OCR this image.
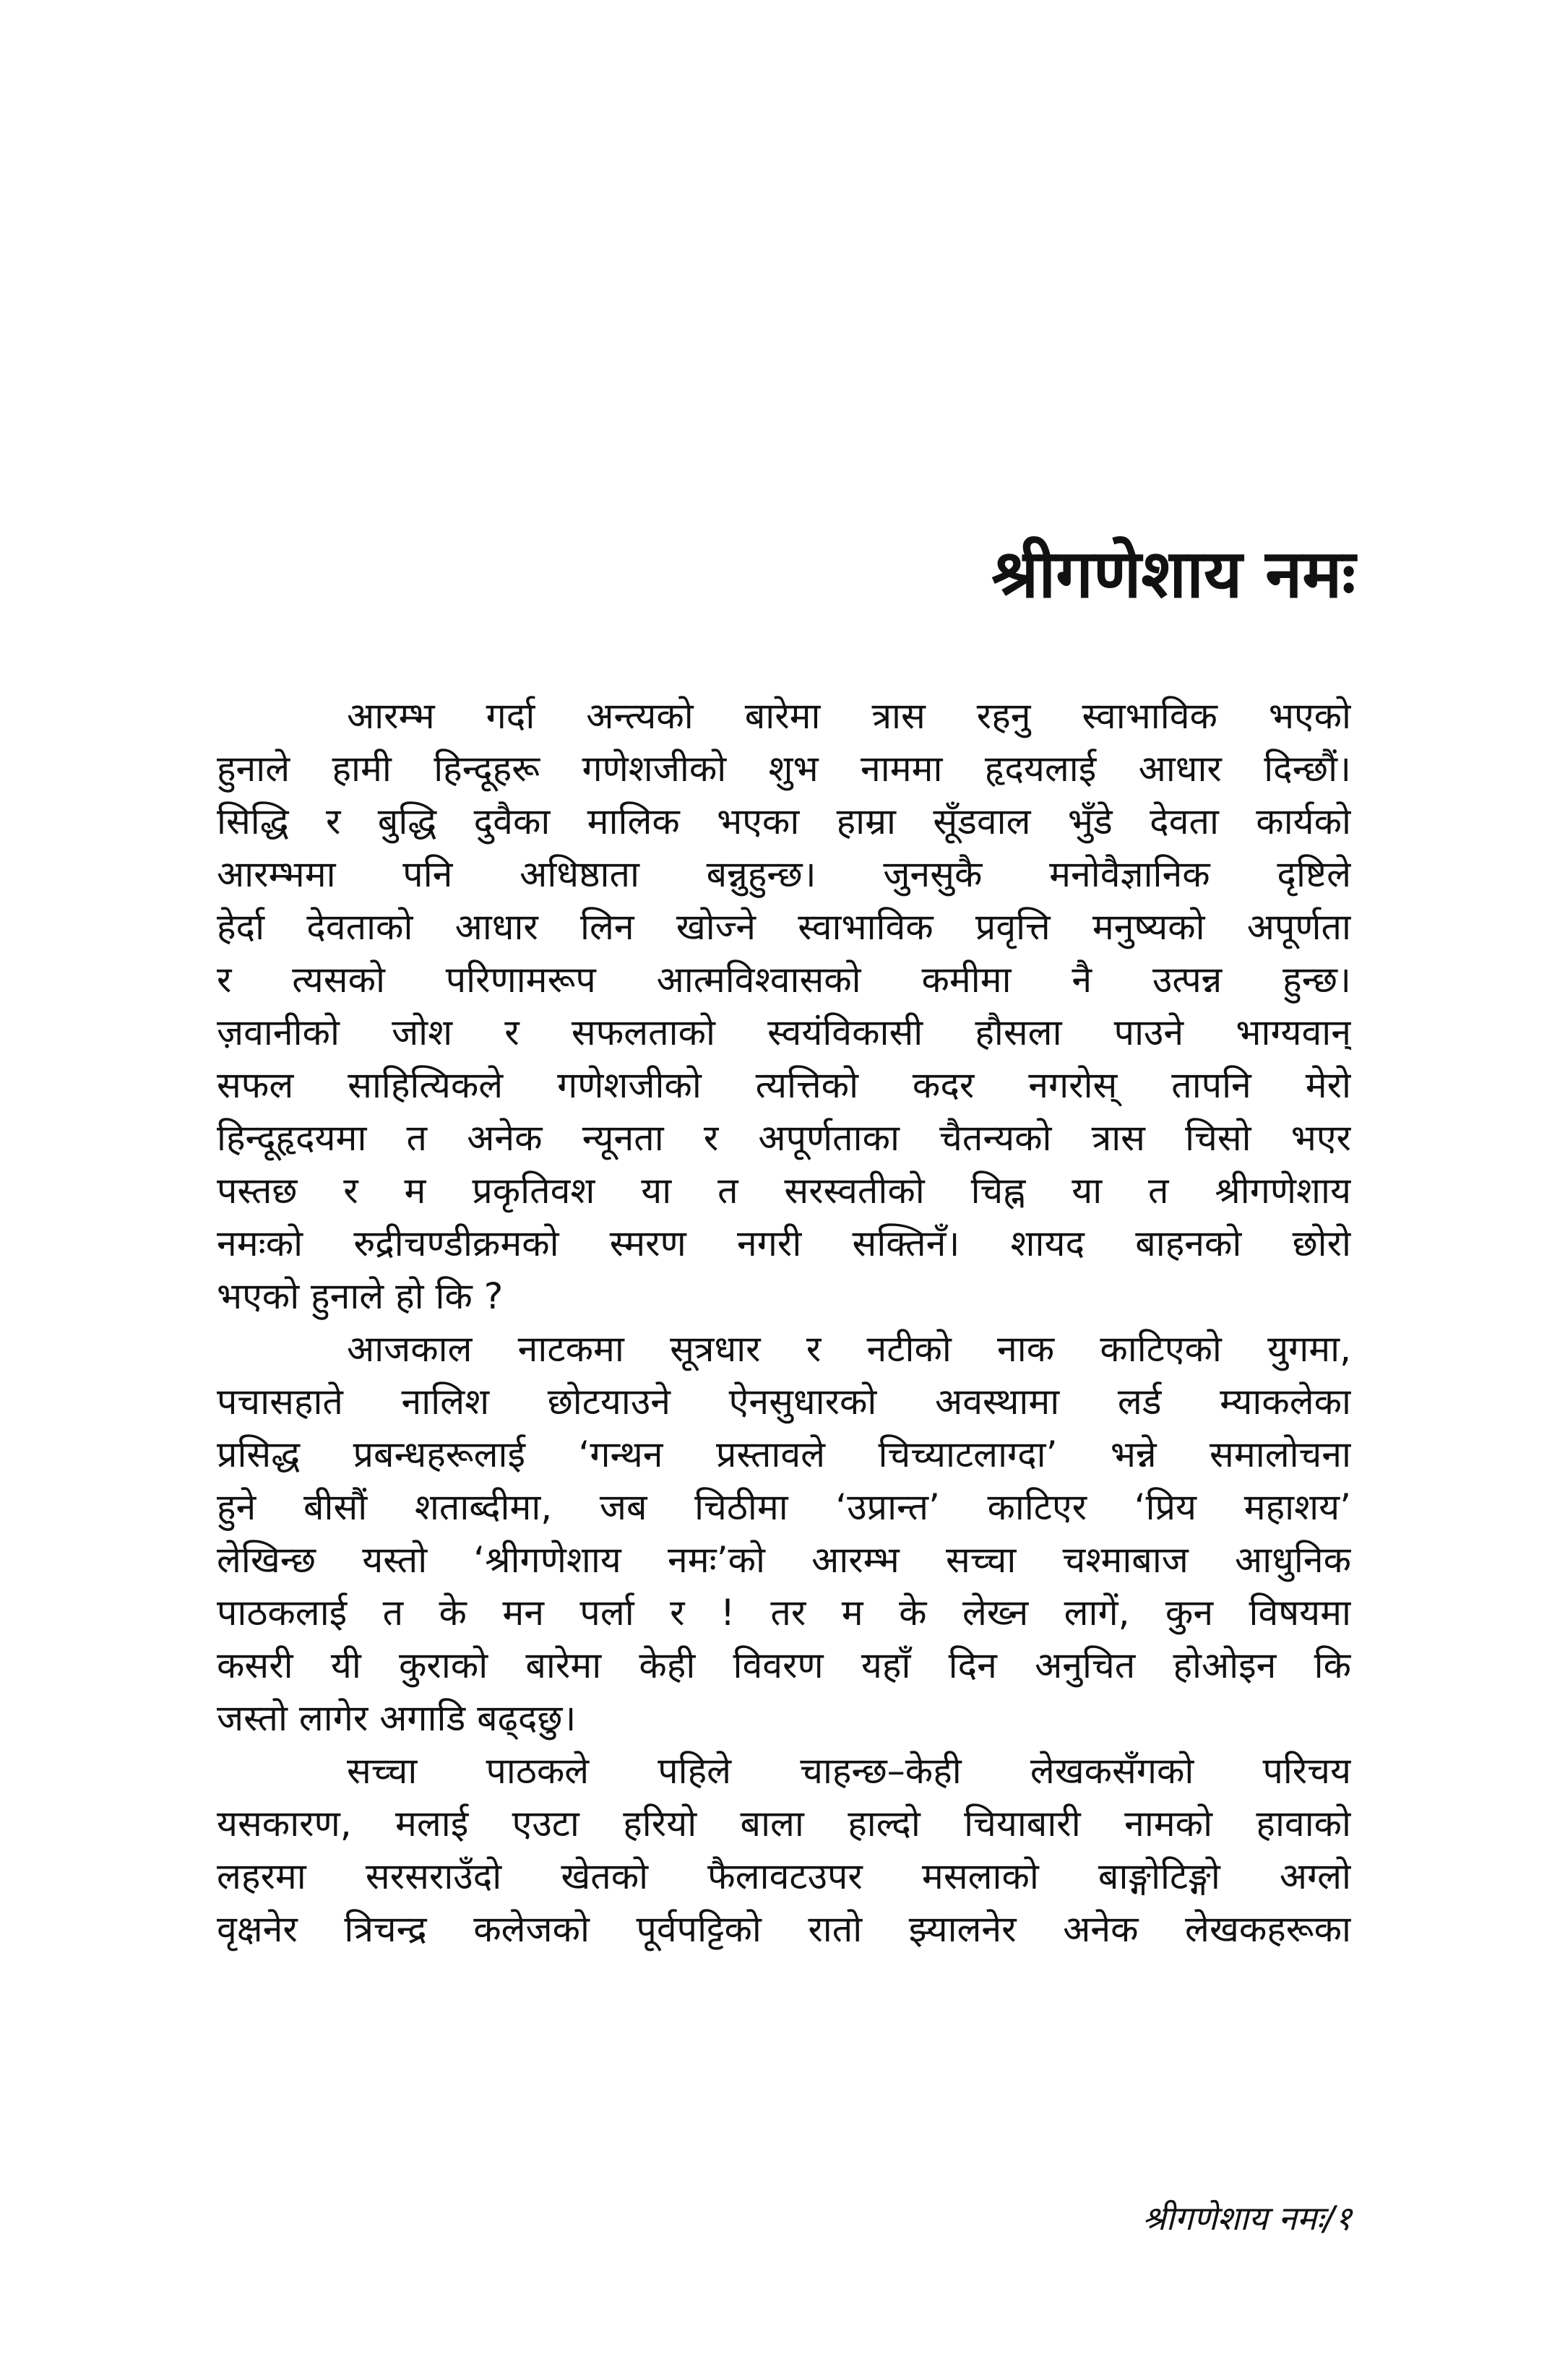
श्रीगणेशाय नमः
आरम्भ गर्दा अन्त्यको बारेमा त्रास रहनु स्वाभाविक भएको
हुनाले हामी हिन्दूहरू गणेशजीको शुभ नाममा हृदयलाई आधार दिन्छौं।
सिद्धि र बुद्धि दुवैका मालिक भएका हाम्रा सूँडवाल भुँडे देवता कार्यको
आरम्भमा पनि अधिष्ठाता बन्नुहुन्छ। जुनसुकै मनोवैज्ञानिक दृष्टिले
हेर्दा देवताको आधार लिन खोज्ने स्वाभाविक प्रवृत्ति मनुष्यको अपूर्णता
र त्यसको परिणामरूप आत्मविश्वासको कमीमा नै उत्पन्न हुन्छ।
ज़वानीको जोश र सफलताको स्वयंविकासी हौसला पाउने भाग्यवान्
सफल साहित्यिकले गणेशजीको त्यत्तिको कदर नगरोस् तापनि मेरो
हिन्दूहृदयमा त अनेक न्यूनता र अपूर्णताका चैतन्यको त्रास चिसो भएर
पस्तछ र म प्रकृतिवश या त सरस्वतीको चिह्न या त श्रीगणेशाय
नमःको रुद्रीचण्डीक्रमको स्मरण नगरी सक्तिनँ। शायद बाहनको छोरो
भएको हुनाले हो कि ?
आजकाल नाटकमा सूत्रधार र नटीको नाक काटिएको युगमा,
पचासहाते नालिश छोटयाउने ऐनसुधारको अवस्थामा लर्ड म्याकलेका
प्रसिद्ध प्रबन्धहरूलाई ‘गन्थन प्रस्तावले चिच्याटलाग्दा’ भन्ने समालोचना
हुने बीसौं शताब्दीमा, जब चिठीमा ‘उप्रान्त’ काटिएर ‘प्रिय महाशय’
लेखिन्छ यस्तो ‘श्रीगणेशाय नमः’को आरम्भ सच्चा चश्माबाज आधुनिक
पाठकलाई त के मन पर्ला र ! तर म के लेख्न लागें, कुन विषयमा
कसरी यी कुराको बारेमा केही विवरण यहाँ दिन अनुचित होओइन कि
जस्तो लागेर अगाडि बढ्दछु।
सच्चा पाठकले पहिले चाहन्छ–केही लेखकसँगको परिचय
यसकारण, मलाई एउटा हरियो बाला हाल्दो चियाबारी नामको हावाको
लहरमा सरसराउँदो खेतको फैलावटउपर मसलाको बाङ्गोटिङ्गो अग्लो
वृक्षनेर त्रिचन्द्र कलेजको पूर्वपट्टिको रातो झ्यालनेर अनेक लेखकहरूका
श्रीगणेशाय नमः/१
